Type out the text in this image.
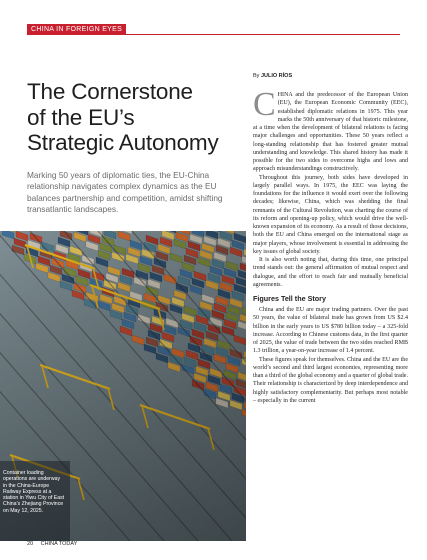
CHINA IN FOREIGN EYES
The Cornerstone
of the EU’s
Strategic Autonomy
Marking 50 years of diplomatic ties, the EU-China relationship navigates complex dynamics as the EU balances partnership and competition, amidst shifting transatlantic landscapes.
By JULIO RÍOS

CHINA and the predecessor of the European Union (EU), the European Economic Community (EEC), established diplomatic relations in 1975. This year marks the 50th anniversary of that historic milestone, at a time when the development of bilateral relations is facing major challenges and opportunities. These 50 years reflect a long-standing relationship that has fostered greater mutual understanding and knowledge. This shared history has made it possible for the two sides to overcome highs and lows and approach misunderstandings constructively.

Throughout this journey, both sides have developed in largely parallel ways. In 1975, the EEC was laying the foundations for the influence it would exert over the following decades; likewise, China, which was shedding the final remnants of the Cultural Revolution, was charting the course of its reform and opening-up policy, which would drive the well-known expansion of its economy. As a result of those decisions, both the EU and China emerged on the international stage as major players, whose involvement is essential in addressing the key issues of global society.

It is also worth noting that, during this time, one principal trend stands out: the general affirmation of mutual respect and dialogue, and the effort to reach fair and mutually beneficial agreements.

Figures Tell the Story

China and the EU are major trading partners. Over the past 50 years, the value of bilateral trade has grown from US $2.4 billion in the early years to US $780 billion today – a 325-fold increase. According to Chinese customs data, in the first quarter of 2025, the value of trade between the two sides reached RMB 1.3 trillion, a year-on-year increase of 1.4 percent.

These figures speak for themselves. China and the EU are the world’s second and third largest economies, representing more than a third of the global economy and a quarter of global trade. Their relationship is characterized by deep interdependence and highly satisfactory complementarity. But perhaps most notable – especially in the current

Container loading operations are underway in the China-Europe Railway Express at a station in Yiwu City of East China’s Zhejiang Province on May 12, 2025.
20 CHINA TODAY
